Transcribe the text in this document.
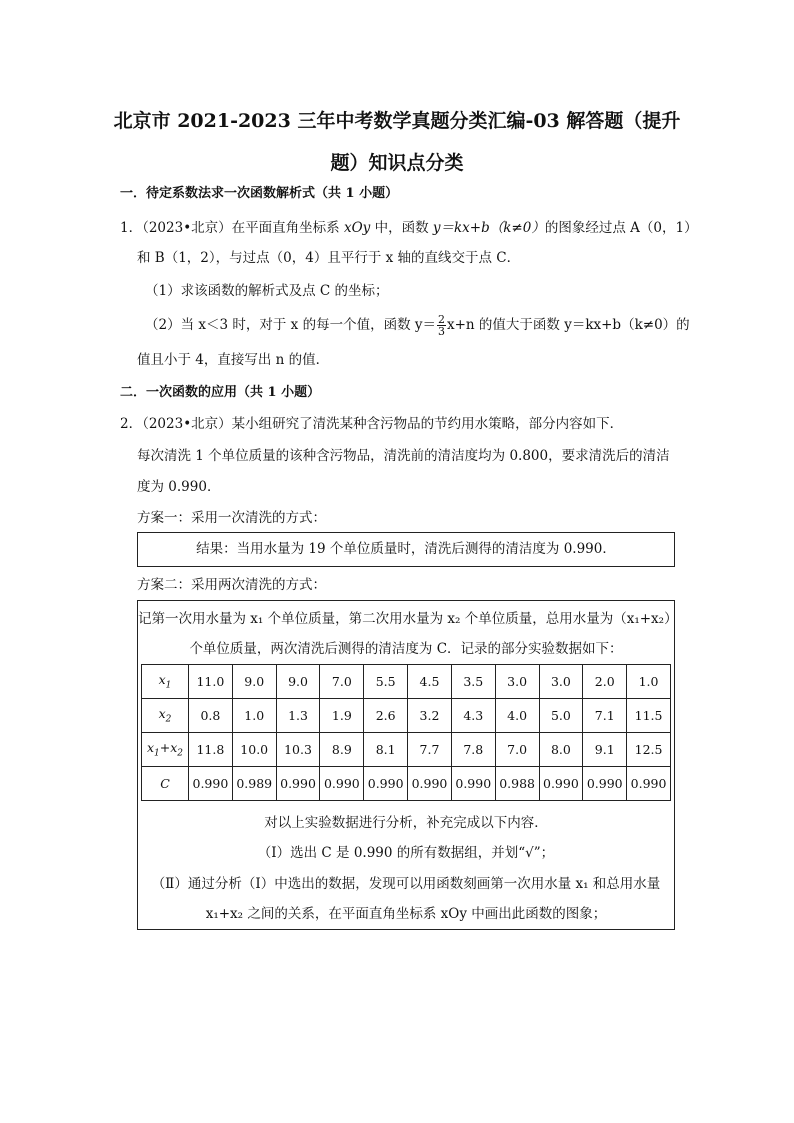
北京市 2021-2023 三年中考数学真题分类汇编-03 解答题（提升
题）知识点分类
一．待定系数法求一次函数解析式（共 1 小题）
1．（2023•北京）在平面直角坐标系 xOy 中，函数 y＝kx+b（k≠0）的图象经过点 A（0，1）
和 B（1，2），与过点（0，4）且平行于 x 轴的直线交于点 C．
（1）求该函数的解析式及点 C 的坐标；
（2）当 x＜3 时，对于 x 的每一个值，函数 $y= \frac{2}{3} x+n$ 的值大于函数 y＝kx+b（k≠0）的
值且小于 4，直接写出 n 的值．
二．一次函数的应用（共 1 小题）
2．（2023•北京）某小组研究了清洗某种含污物品的节约用水策略，部分内容如下．
每次清洗 1 个单位质量的该种含污物品，清洗前的清洁度均为 0.800，要求清洗后的清洁
度为 0.990．
方案一：采用一次清洗的方式：
结果：当用水量为 19 个单位质量时，清洗后测得的清洁度为 0.990．
方案二：采用两次清洗的方式：
记第一次用水量为 x₁ 个单位质量，第二次用水量为 x₂ 个单位质量，总用水量为（x₁+x₂）
个单位质量，两次清洗后测得的清洁度为 C．记录的部分实验数据如下：
$x_1$	11.0	9.0	9.0	7.0	5.5	4.5	3.5	3.0	3.0	2.0	1.0
$x_2$	0.8	1.0	1.3	1.9	2.6	3.2	4.3	4.0	5.0	7.1	11.5
$x_1+x_2$	11.8	10.0	10.3	8.9	8.1	7.7	7.8	7.0	8.0	9.1	12.5
C	0.990	0.989	0.990	0.990	0.990	0.990	0.990	0.988	0.990	0.990	0.990
对以上实验数据进行分析，补充完成以下内容．
（Ⅰ）选出 C 是 0.990 的所有数据组，并划“√”；
（Ⅱ）通过分析（Ⅰ）中选出的数据，发现可以用函数刻画第一次用水量 x₁ 和总用水量
x₁+x₂ 之间的关系，在平面直角坐标系 xOy 中画出此函数的图象；
